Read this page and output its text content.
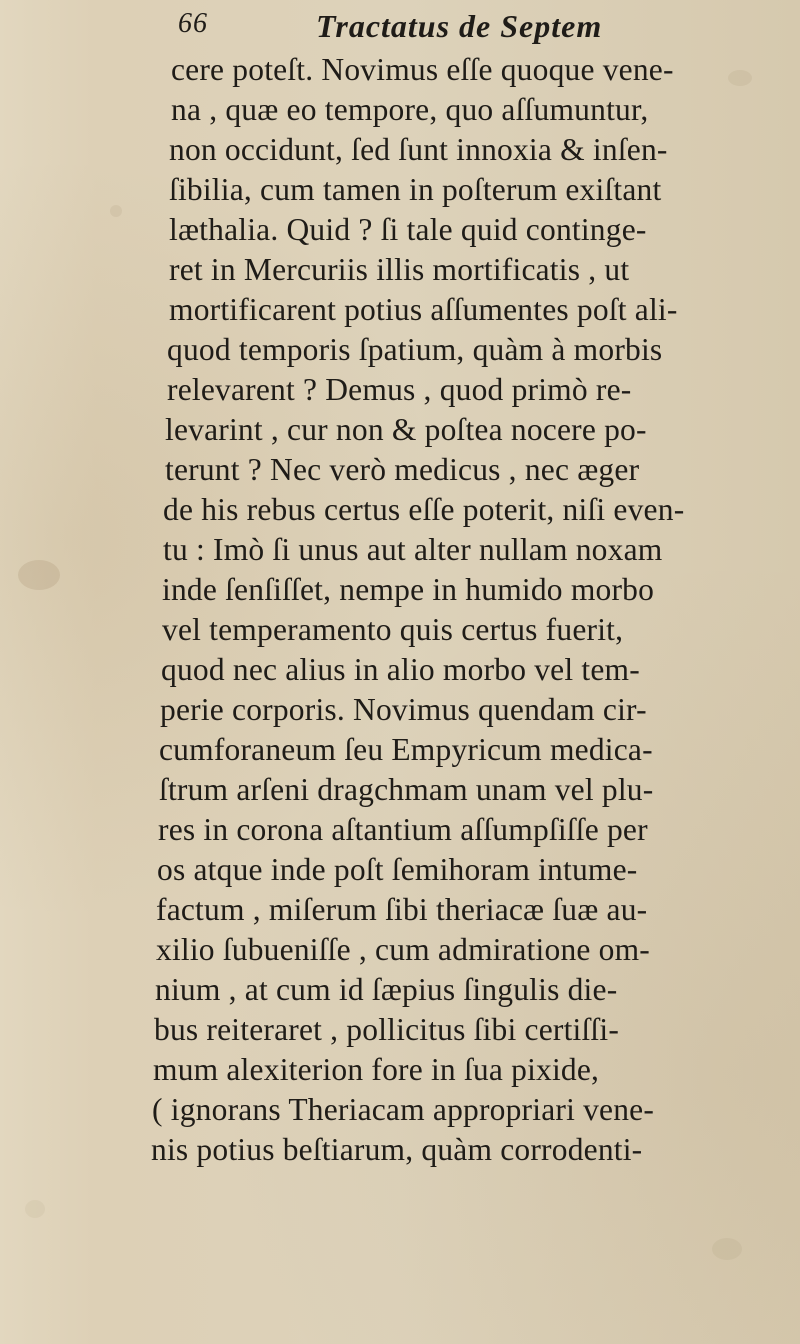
66	Tractatus de Septem
cere poteſt. Novimus eſſe quoque vene-
na , quæ eo tempore, quo aſſumuntur,
non occidunt, ſed ſunt innoxia & inſen-
ſibilia, cum tamen in poſterum exiſtant
læthalia. Quid ? ſi tale quid continge-
ret in Mercuriis illis mortificatis , ut
mortificarent potius aſſumentes poſt ali-
quod temporis ſpatium, quàm à morbis
relevarent ? Demus , quod primò re-
levarint , cur non & poſtea nocere po-
terunt ? Nec verò medicus , nec æger
de his rebus certus eſſe poterit, niſi even-
tu : Imò ſi unus aut alter nullam noxam
inde ſenſiſſet, nempe in humido morbo
vel temperamento quis certus fuerit,
quod nec alius in alio morbo vel tem-
perie corporis. Novimus quendam cir-
cumforaneum ſeu Empyricum medica-
ſtrum arſeni dragchmam unam vel plu-
res in corona aſtantium aſſumpſiſſe per
os atque inde poſt ſemihoram intume-
factum , miſerum ſibi theriacæ ſuæ au-
xilio ſubueniſſe , cum admiratione om-
nium , at cum id ſæpius ſingulis die-
bus reiteraret , pollicitus ſibi certiſſi-
mum alexiterion fore in ſua pixide,
( ignorans Theriacam appropriari vene-
nis potius beſtiarum, quàm corrodenti-
